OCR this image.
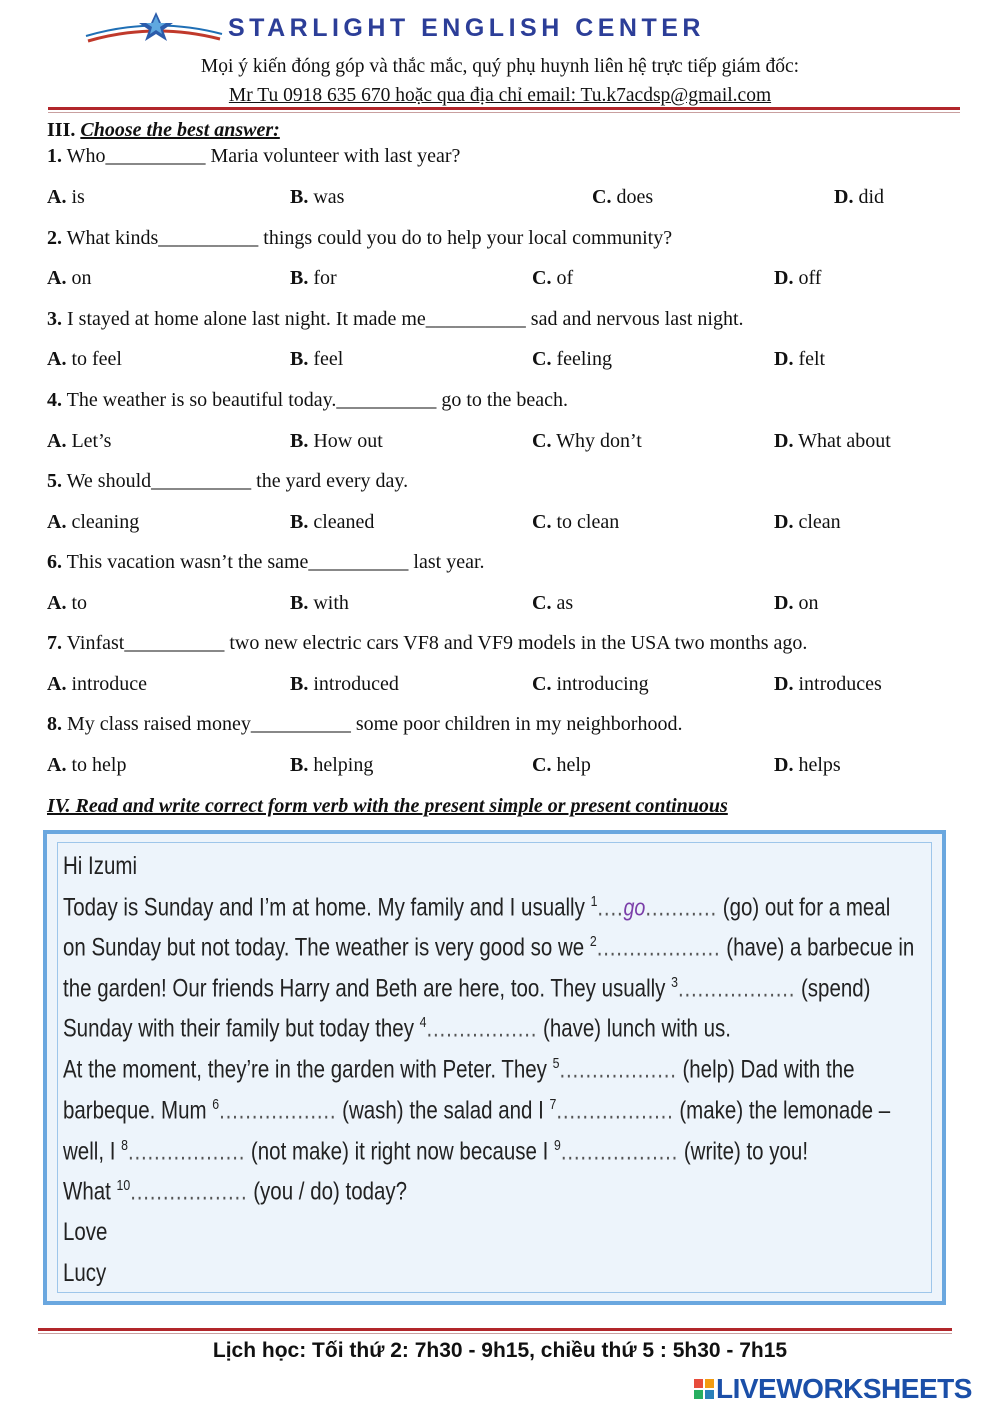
STARLIGHT ENGLISH CENTER
Mọi ý kiến đóng góp và thắc mắc, quý phụ huynh liên hệ trực tiếp giám đốc:
Mr Tu 0918 635 670 hoặc qua địa chỉ email: Tu.k7acdsp@gmail.com
III. Choose the best answer:
1. Who__________ Maria volunteer with last year?
A. is	B. was	C. does	D. did
2. What kinds__________ things could you do to help your local community?
A. on	B. for	C. of	D. off
3. I stayed at home alone last night. It made me__________ sad and nervous last night.
A. to feel	B. feel	C. feeling	D. felt
4. The weather is so beautiful today.__________ go to the beach.
A. Let’s	B. How out	C. Why don’t	D. What about
5. We should__________ the yard every day.
A. cleaning	B. cleaned	C. to clean	D. clean
6. This vacation wasn’t the same__________ last year.
A. to	B. with	C. as	D. on
7. Vinfast__________ two new electric cars VF8 and VF9 models in the USA two months ago.
A. introduce	B. introduced	C. introducing	D. introduces
8. My class raised money__________ some poor children in my neighborhood.
A. to help	B. helping	C. help	D. helps
IV. Read and write correct form verb with the present simple or present continuous
Hi Izumi
Today is Sunday and I’m at home. My family and I usually $^1$....go........... (go) out for a meal
on Sunday but not today. The weather is very good so we $^2$................... (have) a barbecue in
the garden! Our friends Harry and Beth are here, too. They usually $^3$.................. (spend)
Sunday with their family but today they $^4$................. (have) lunch with us.
At the moment, they’re in the garden with Peter. They $^5$.................. (help) Dad with the
barbeque. Mum $^6$.................. (wash) the salad and I $^7$.................. (make) the lemonade –
well, I $^8$.................. (not make) it right now because I $^9$.................. (write) to you!
What $^{10}$.................. (you / do) today?
Love
Lucy
Lịch học: Tối thứ 2: 7h30 - 9h15, chiều thứ 5 : 5h30 - 7h15
LIVEWORKSHEETS
